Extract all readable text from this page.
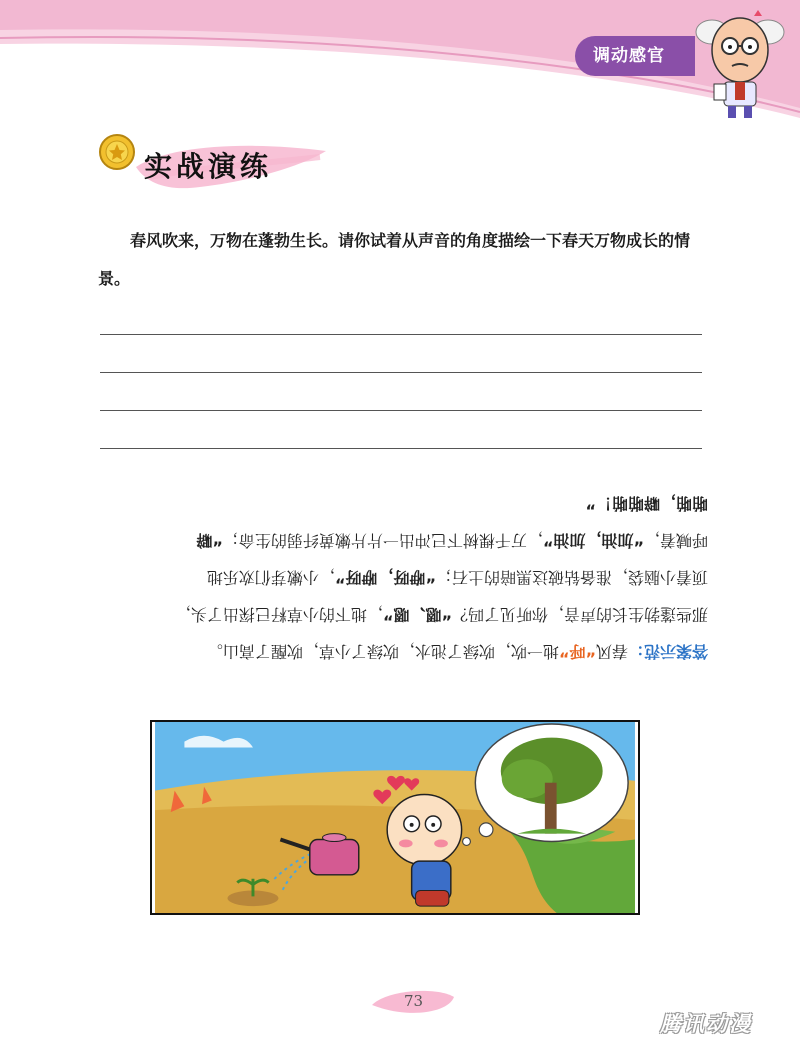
调动感官
实战演练
春风吹来，万物在蓬勃生长。请你试着从声音的角度描绘一下春天万物成长的情景。

答案示范：春风“呼”地一吹，吹绿了池水，吹绿了小草，吹醒了高山。

那些蓬勃生长的声音，你听见了吗？“嗯、嗯”，地下的小草籽已探出了头，

顶着小脑袋，准备钻破这黑暗的土石；“咿呀，咿呀”，小嫩芽们欢乐地

呼喊着，“加油，加油”，万千棵树下已冲出一片片嫩黄纤弱的生命；“噼

啪啪，噼啪啪！”

73
腾讯动漫
